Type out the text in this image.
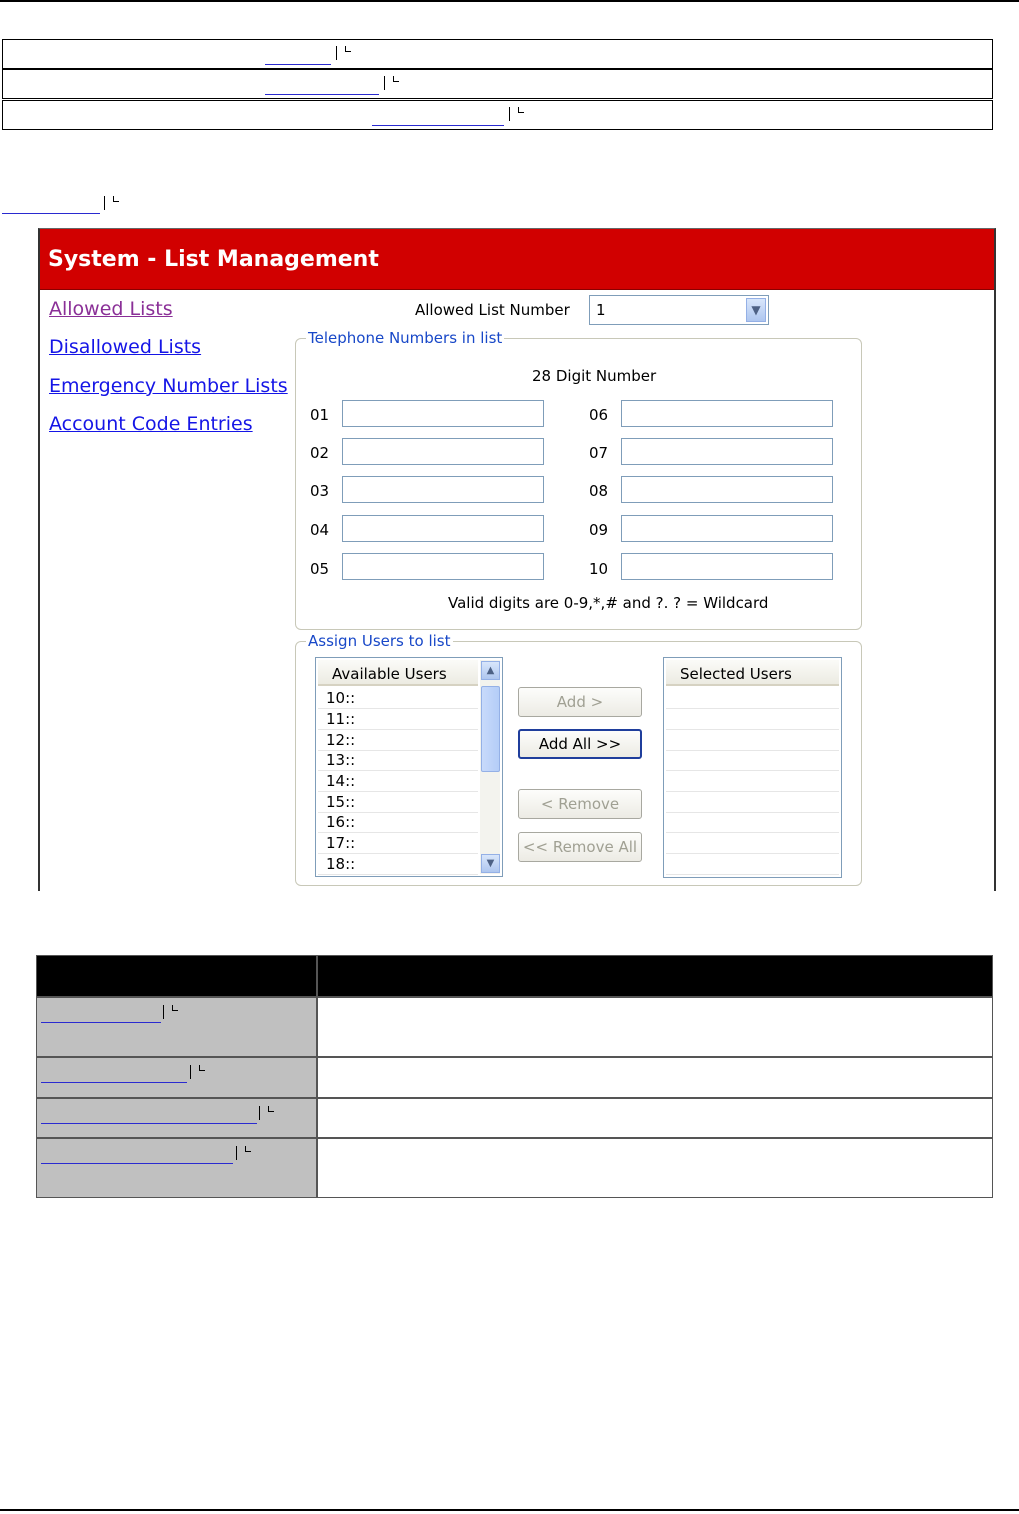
System - List Management
Allowed Lists
Disallowed Lists
Emergency Number Lists
Account Code Entries
Allowed List Number 1	▼
Telephone Numbers in list
28 Digit Number
01
02
03
04
05
06
07
08
09
10
Valid digits are 0-9,*,# and ?. ? = Wildcard
Assign Users to list
Available Users
10::
11::
12::
13::
14::
15::
16::
17::
18::
▲
▼
Add >
Add All >>
< Remove
<< Remove All
Selected Users
